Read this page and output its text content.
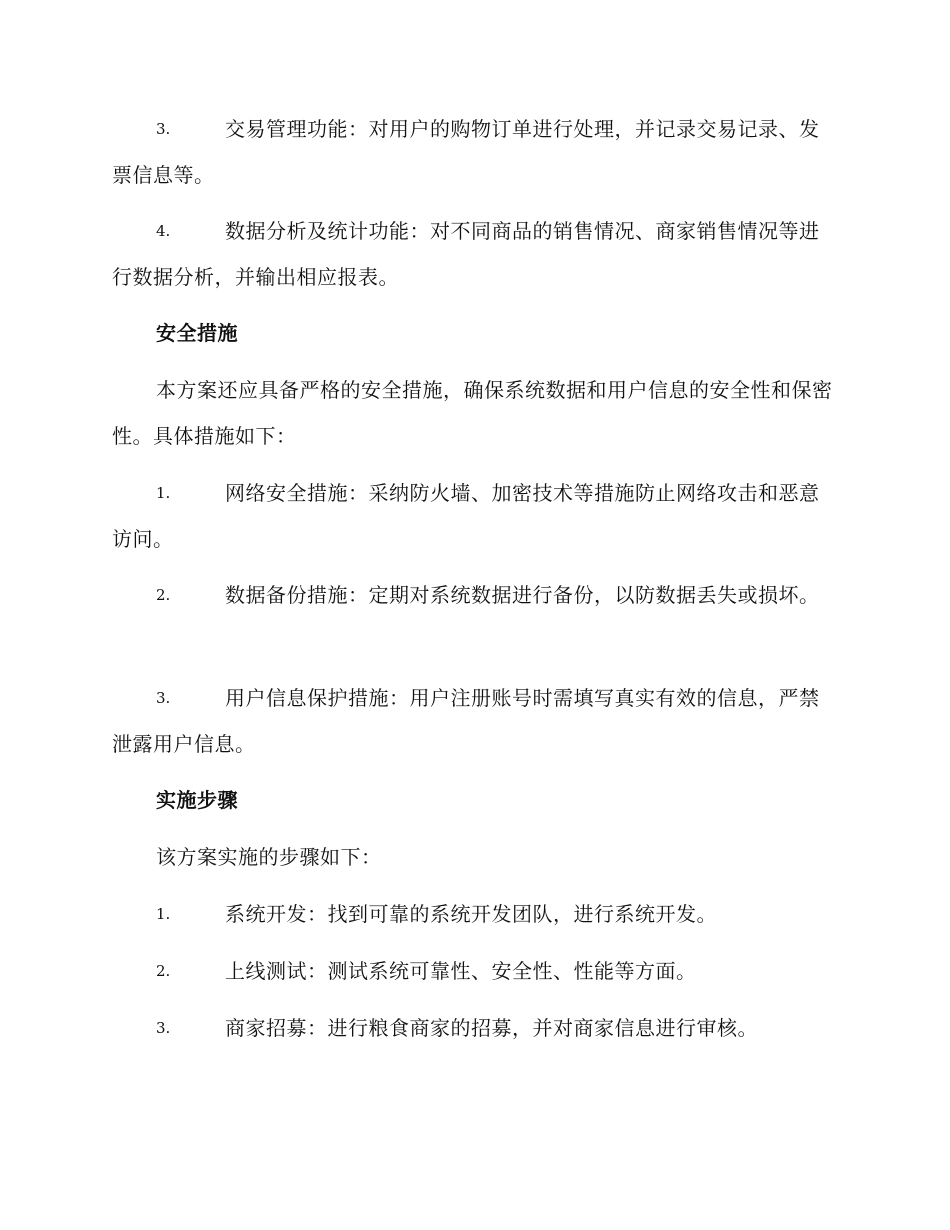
3.	交易管理功能：对用户的购物订单进行处理，并记录交易记录、发票信息等。
4.	数据分析及统计功能：对不同商品的销售情况、商家销售情况等进行数据分析，并输出相应报表。
安全措施
本方案还应具备严格的安全措施，确保系统数据和用户信息的安全性和保密性。具体措施如下：
1.	网络安全措施：采纳防火墙、加密技术等措施防止网络攻击和恶意访问。
2.	数据备份措施：定期对系统数据进行备份，以防数据丢失或损坏。
3.	用户信息保护措施：用户注册账号时需填写真实有效的信息，严禁泄露用户信息。
实施步骤
该方案实施的步骤如下：
1.	系统开发：找到可靠的系统开发团队，进行系统开发。
2.	上线测试：测试系统可靠性、安全性、性能等方面。
3.	商家招募：进行粮食商家的招募，并对商家信息进行审核。
